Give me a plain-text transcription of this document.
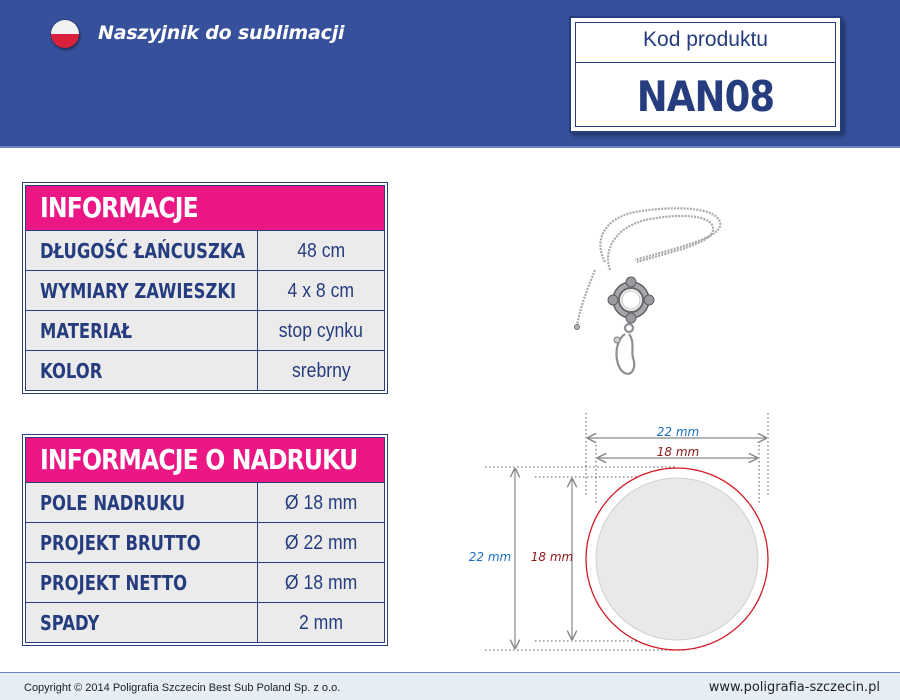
Naszyjnik do sublimacji	Kod produktu
NAN08
INFORMACJE
DŁUGOŚĆ ŁAŃCUSZKA	48 cm
WYMIARY ZAWIESZKI	4 x 8 cm
MATERIAŁ	stop cynku
KOLOR	srebrny
INFORMACJE O NADRUKU
POLE NADRUKU	Ø 18 mm
PROJEKT BRUTTO	Ø 22 mm
PROJEKT NETTO	Ø 18 mm
SPADY	2 mm
22 mm
18 mm
22 mm 18 mm
Copyright © 2014 Poligrafia Szczecin Best Sub Poland Sp. z o.o.	www.poligrafia-szczecin.pl
